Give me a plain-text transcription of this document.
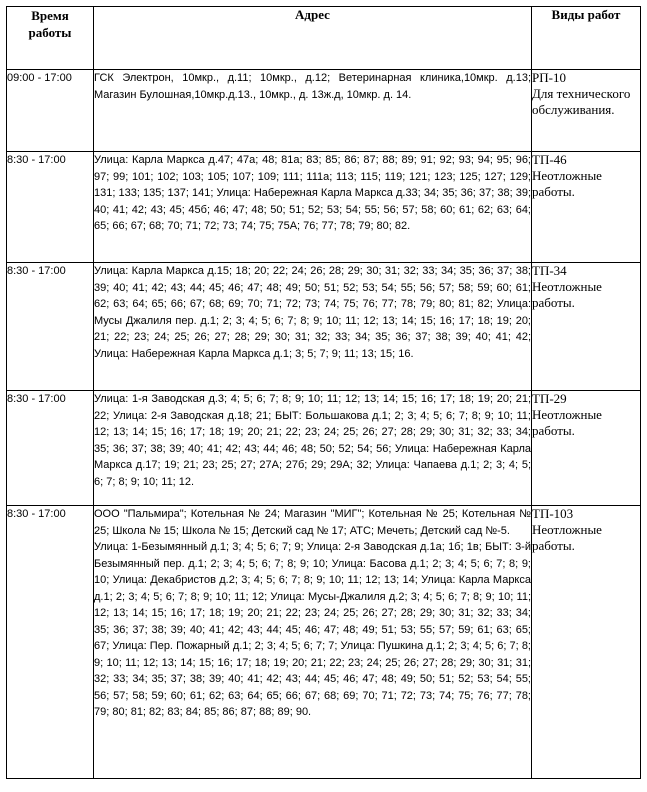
Время
работы	Адрес	Виды работ
09:00 - 17:00	ГСК Электрон, 10мкр., д.11; 10мкр., д.12; Ветеринарная клиника,10мкр. д.13; Магазин Булошная,10мкр.д.13., 10мкр., д. 13ж.д, 10мкр. д. 14.	РП-10
Для технического обслуживания.

8:30 - 17:00	Улица: Карла Маркса д.47; 47а; 48; 81а; 83; 85; 86; 87; 88; 89; 91; 92; 93; 94; 95; 96; 97; 99; 101; 102; 103; 105; 107; 109; 111; 111а; 113; 115; 119; 121; 123; 125; 127; 129; 131; 133; 135; 137; 141; Улица: Набережная Карла Маркса д.33; 34; 35; 36; 37; 38; 39; 40; 41; 42; 43; 45; 45б; 46; 47; 48; 50; 51; 52; 53; 54; 55; 56; 57; 58; 60; 61; 62; 63; 64; 65; 66; 67; 68; 70; 71; 72; 73; 74; 75; 75А; 76; 77; 78; 79; 80; 82.	ТП-46
Неотложные работы.

8:30 - 17:00	Улица: Карла Маркса д.15; 18; 20; 22; 24; 26; 28; 29; 30; 31; 32; 33; 34; 35; 36; 37; 38; 39; 40; 41; 42; 43; 44; 45; 46; 47; 48; 49; 50; 51; 52; 53; 54; 55; 56; 57; 58; 59; 60; 61; 62; 63; 64; 65; 66; 67; 68; 69; 70; 71; 72; 73; 74; 75; 76; 77; 78; 79; 80; 81; 82; Улица: Мусы Джалиля пер. д.1; 2; 3; 4; 5; 6; 7; 8; 9; 10; 11; 12; 13; 14; 15; 16; 17; 18; 19; 20; 21; 22; 23; 24; 25; 26; 27; 28; 29; 30; 31; 32; 33; 34; 35; 36; 37; 38; 39; 40; 41; 42; Улица: Набережная Карла Маркса д.1; 3; 5; 7; 9; 11; 13; 15; 16.	ТП-34
Неотложные работы.

8:30 - 17:00	Улица: 1-я Заводская д.3; 4; 5; 6; 7; 8; 9; 10; 11; 12; 13; 14; 15; 16; 17; 18; 19; 20; 21; 22; Улица: 2-я Заводская д.18; 21; БЫТ: Большакова д.1; 2; 3; 4; 5; 6; 7; 8; 9; 10; 11; 12; 13; 14; 15; 16; 17; 18; 19; 20; 21; 22; 23; 24; 25; 26; 27; 28; 29; 30; 31; 32; 33; 34; 35; 36; 37; 38; 39; 40; 41; 42; 43; 44; 46; 48; 50; 52; 54; 56; Улица: Набережная Карла Маркса д.17; 19; 21; 23; 25; 27; 27А; 27б; 29; 29А; 32; Улица: Чапаева д.1; 2; 3; 4; 5; 6; 7; 8; 9; 10; 11; 12.	ТП-29
Неотложные работы.

8:30 - 17:00	ООО "Пальмира"; Котельная № 24; Магазин "МИГ"; Котельная № 25; Котельная № 25; Школа № 15; Школа № 15; Детский сад № 17; АТС; Мечеть; Детский сад №-5.
Улица: 1-Безымянный д.1; 3; 4; 5; 6; 7; 9; Улица: 2-я Заводская д.1а; 1б; 1в; БЫТ: 3-й Безымянный пер. д.1; 2; 3; 4; 5; 6; 7; 8; 9; 10; Улица: Басова д.1; 2; 3; 4; 5; 6; 7; 8; 9; 10; Улица: Декабристов д.2; 3; 4; 5; 6; 7; 8; 9; 10; 11; 12; 13; 14; Улица: Карла Маркса д.1; 2; 3; 4; 5; 6; 7; 8; 9; 10; 11; 12; Улица: Мусы-Джалиля д.2; 3; 4; 5; 6; 7; 8; 9; 10; 11; 12; 13; 14; 15; 16; 17; 18; 19; 20; 21; 22; 23; 24; 25; 26; 27; 28; 29; 30; 31; 32; 33; 34; 35; 36; 37; 38; 39; 40; 41; 42; 43; 44; 45; 46; 47; 48; 49; 51; 53; 55; 57; 59; 61; 63; 65; 67; Улица: Пер. Пожарный д.1; 2; 3; 4; 5; 6; 7; 7; Улица: Пушкина д.1; 2; 3; 4; 5; 6; 7; 8; 9; 10; 11; 12; 13; 14; 15; 16; 17; 18; 19; 20; 21; 22; 23; 24; 25; 26; 27; 28; 29; 30; 31; 31; 32; 33; 34; 35; 37; 38; 39; 40; 41; 42; 43; 44; 45; 46; 47; 48; 49; 50; 51; 52; 53; 54; 55; 56; 57; 58; 59; 60; 61; 62; 63; 64; 65; 66; 67; 68; 69; 70; 71; 72; 73; 74; 75; 76; 77; 78; 79; 80; 81; 82; 83; 84; 85; 86; 87; 88; 89; 90.	ТП-103
Неотложные работы.
